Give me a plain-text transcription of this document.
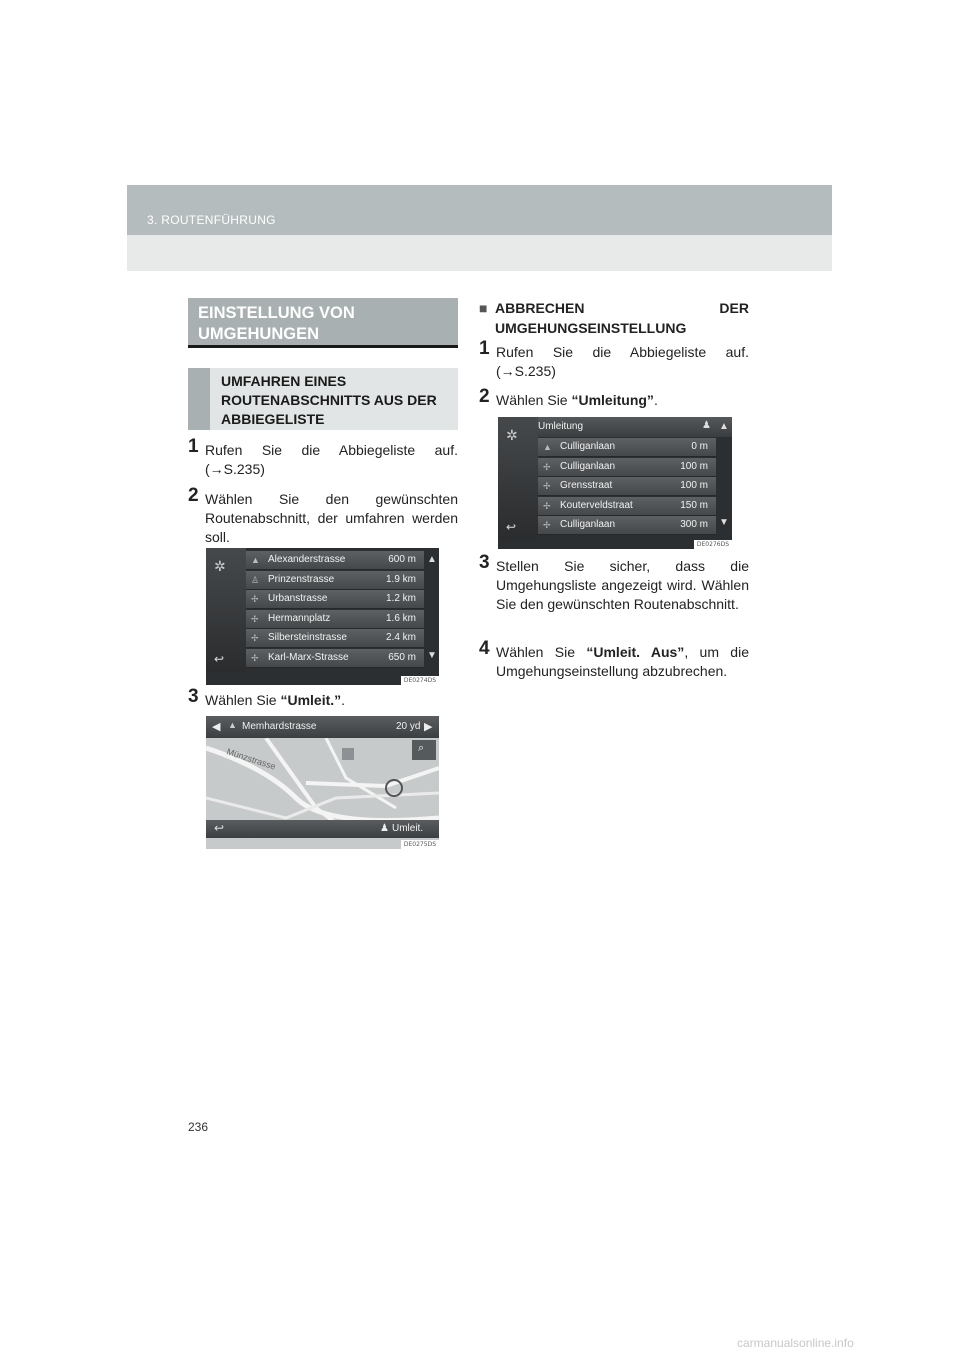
3. ROUTENFÜHRUNG
EINSTELLUNG VON UMGEHUNGEN
UMFAHREN EINES ROUTENABSCHNITTS AUS DER ABBIEGELISTE
1 Rufen Sie die Abbiegeliste auf. (→S.235)
2 Wählen Sie den gewünschten Routenabschnitt, der umfahren werden soll.
✲
↩
▲
▼
DE0274DS
▲ Alexanderstrasse	600 m
♙ Prinzenstrasse	1.9 km
✢ Urbanstrasse	1.2 km
✢ Hermannplatz	1.6 km
✢ Silbersteinstrasse	2.4 km
✢ Karl-Marx-Strasse	650 m
3 Wählen Sie “Umleit.”.
◀ ▲ Memhardstrasse	20 yd ▶
Münzstrasse	⌕
↩	♟ Umleit.
DE0275DS
■ ABBRECHEN DER UMGEHUNGSEINSTELLUNG
1 Rufen Sie die Abbiegeliste auf. (→S.235)
2 Wählen Sie “Umleitung”.
✲
↩
Umleitung	♟ ▲
▼
DE0276DS
▲ Culliganlaan	0 m
✢ Culliganlaan	100 m
✢ Grensstraat	100 m
✢ Kouterveldstraat	150 m
✢ Culliganlaan	300 m
3 Stellen Sie sicher, dass die Umgehungsliste angezeigt wird. Wählen Sie den gewünschten Routenabschnitt.
4 Wählen Sie “Umleit. Aus”, um die Umgehungseinstellung abzubrechen.
236
carmanualsonline.info
